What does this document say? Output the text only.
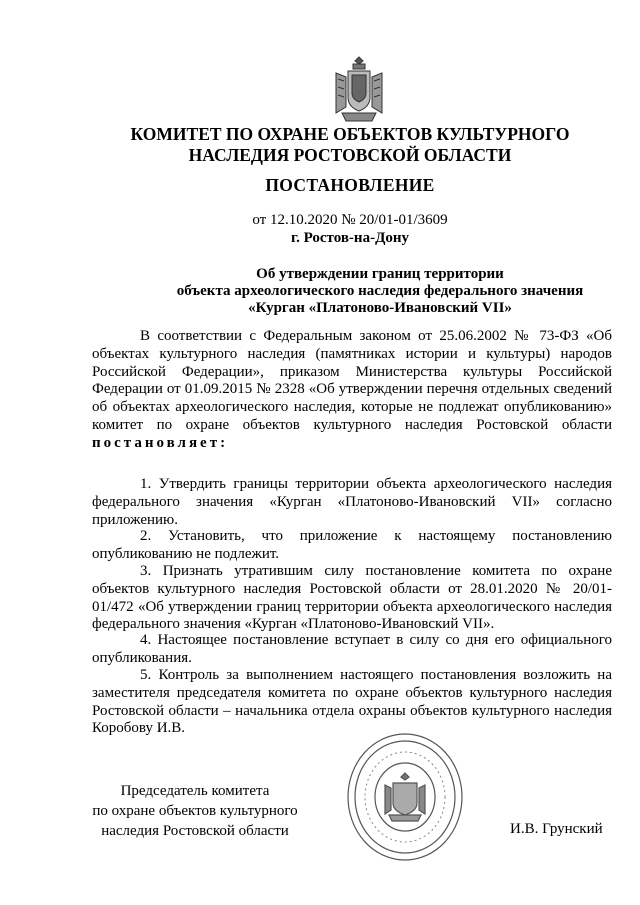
КОМИТЕТ ПО ОХРАНЕ ОБЪЕКТОВ КУЛЬТУРНОГО
НАСЛЕДИЯ РОСТОВСКОЙ ОБЛАСТИ
ПОСТАНОВЛЕНИЕ
от 12.10.2020 № 20/01-01/3609
г. Ростов-на-Дону
Об утверждении границ территории
объекта археологического наследия федерального значения
«Курган «Платоново-Ивановский VII»

В соответствии с Федеральным законом от 25.06.2002 № 73-ФЗ «Об объектах культурного наследия (памятниках истории и культуры) народов Российской Федерации», приказом Министерства культуры Российской Федерации от 01.09.2015 № 2328 «Об утверждении перечня отдельных сведений об объектах археологического наследия, которые не подлежат опубликованию» комитет по охране объектов культурного наследия Ростовской области постановляет:

1. Утвердить границы территории объекта археологического наследия федерального значения «Курган «Платоново-Ивановский VII» согласно приложению.

2. Установить, что приложение к настоящему постановлению опубликованию не подлежит.

3. Признать утратившим силу постановление комитета по охране объектов культурного наследия Ростовской области от 28.01.2020 № 20/01-01/472 «Об утверждении границ территории объекта археологического наследия федерального значения «Курган «Платоново-Ивановский VII».

4. Настоящее постановление вступает в силу со дня его официального опубликования.

5. Контроль за выполнением настоящего постановления возложить на заместителя председателя комитета по охране объектов культурного наследия Ростовской области – начальника отдела охраны объектов культурного наследия Коробову И.В.

Председатель комитета
по охране объектов культурного
наследия Ростовской области	И.В. Грунский
